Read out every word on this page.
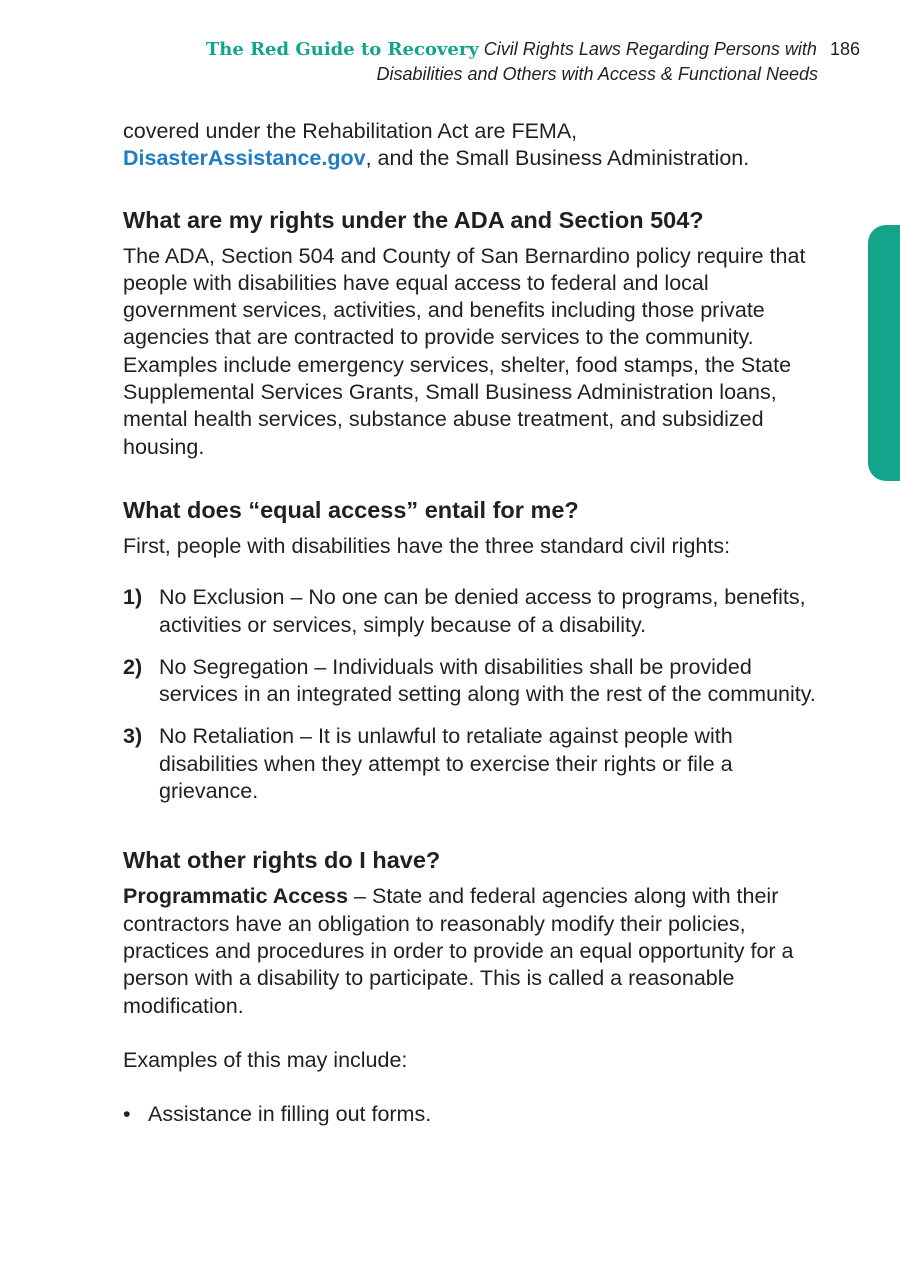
The Red Guide to Recovery Civil Rights Laws Regarding Persons with 186
Disabilities and Others with Access & Functional Needs

covered under the Rehabilitation Act are FEMA, DisasterAssistance.gov, and the Small Business Administration.

What are my rights under the ADA and Section 504?

The ADA, Section 504 and County of San Bernardino policy require that people with disabilities have equal access to federal and local government services, activities, and benefits including those private agencies that are contracted to provide services to the community. Examples include emergency services, shelter, food stamps, the State Supplemental Services Grants, Small Business Administration loans, mental health services, substance abuse treatment, and subsidized housing.

What does “equal access” entail for me?

First, people with disabilities have the three standard civil rights:

1) No Exclusion – No one can be denied access to programs, benefits, activities or services, simply because of a disability.
2) No Segregation – Individuals with disabilities shall be provided services in an integrated setting along with the rest of the community.
3) No Retaliation – It is unlawful to retaliate against people with disabilities when they attempt to exercise their rights or file a grievance.
What other rights do I have?

Programmatic Access – State and federal agencies along with their contractors have an obligation to reasonably modify their policies, practices and procedures in order to provide an equal opportunity for a person with a disability to participate. This is called a reasonable modification.

Examples of this may include:

• Assistance in filling out forms.
